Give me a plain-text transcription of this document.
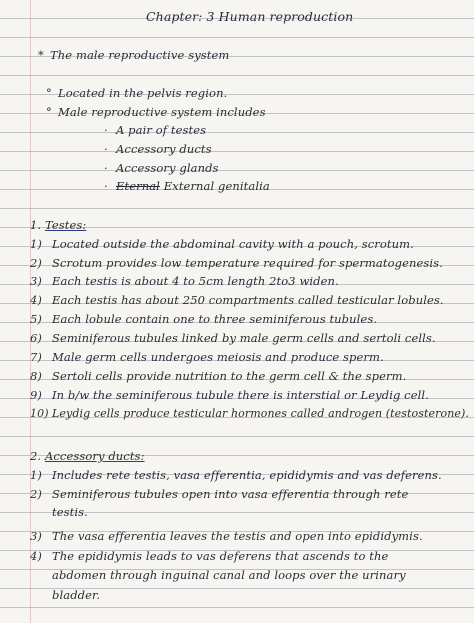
Chapter: 3 Human reproduction
* The male reproductive system
° Located in the pelvis region.
° Male reproductive system includes
· A pair of testes
· Accessory ducts
· Accessory glands
· Eternal External genitalia
1. Testes:
1) Located outside the abdominal cavity with a pouch, scrotum.
2) Scrotum provides low temperature required for spermatogenesis.
3) Each testis is about 4 to 5cm length 2to3 widen.
4) Each testis has about 250 compartments called testicular lobules.
5) Each lobule contain one to three seminiferous tubules.
6) Seminiferous tubules linked by male germ cells and sertoli cells.
7) Male germ cells undergoes meiosis and produce sperm.
8) Sertoli cells provide nutrition to the germ cell & the sperm.
9) In b/w the seminiferous tubule there is interstial or Leydig cell.
10) Leydig cells produce testicular hormones called androgen (testosterone).
2. Accessory ducts:
1) Includes rete testis, vasa efferentia, epididymis and vas deferens.
2) Seminiferous tubules open into vasa efferentia through rete
testis.
3) The vasa efferentia leaves the testis and open into epididymis.
4) The epididymis leads to vas deferens that ascends to the
abdomen through inguinal canal and loops over the urinary
bladder.
